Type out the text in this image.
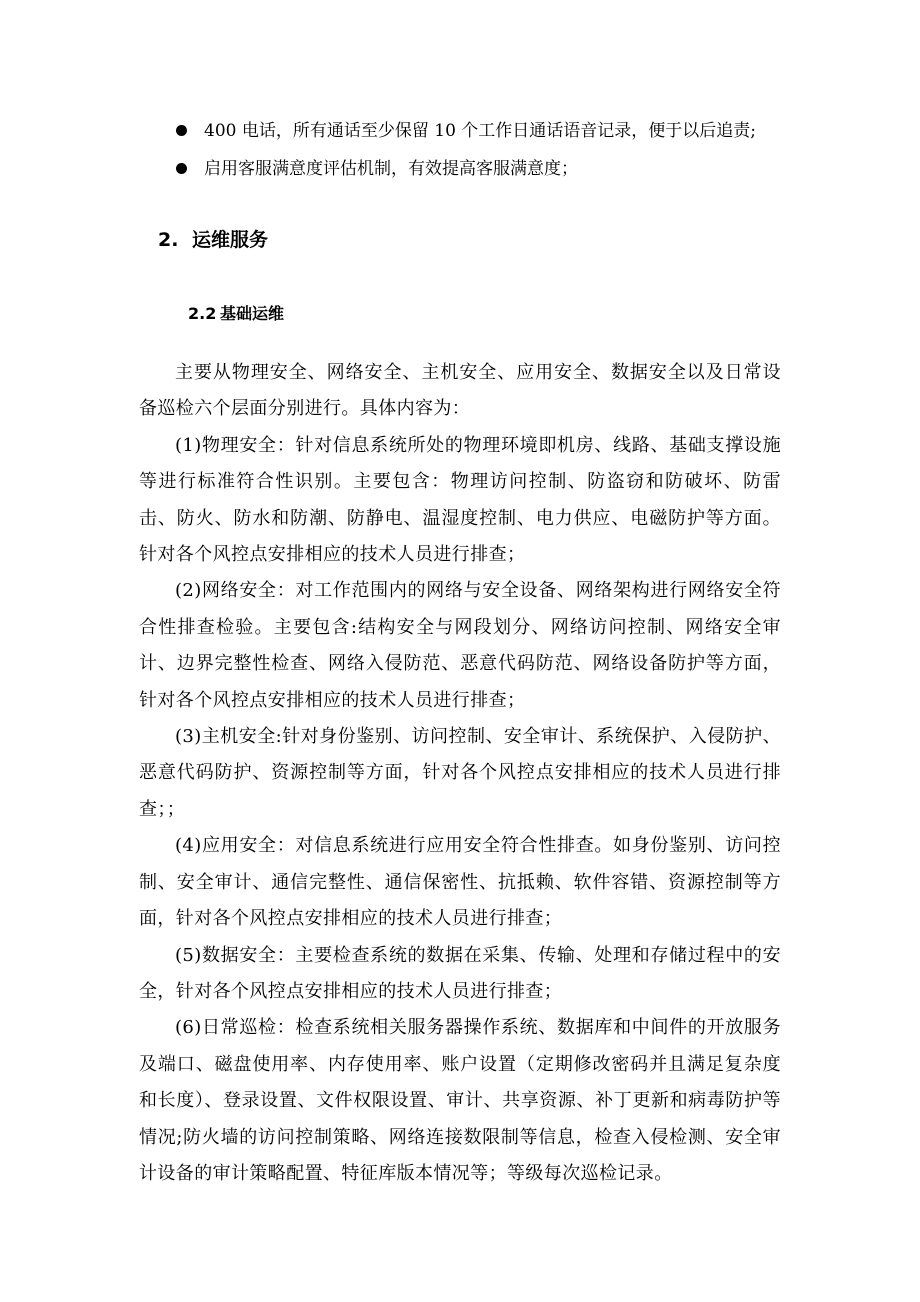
400 电话，所有通话至少保留 10 个工作日通话语音记录，便于以后追责;
启用客服满意度评估机制，有效提高客服满意度；
2. 运维服务
2.2 基础运维

主要从物理安全、网络安全、主机安全、应用安全、数据安全以及日常设备巡检六个层面分别进行。具体内容为：

(1)物理安全：针对信息系统所处的物理环境即机房、线路、基础支撑设施等进行标准符合性识别。主要包含：物理访问控制、防盗窃和防破坏、防雷击、防火、防水和防潮、防静电、温湿度控制、电力供应、电磁防护等方面。针对各个风控点安排相应的技术人员进行排查；

(2)网络安全：对工作范围内的网络与安全设备、网络架构进行网络安全符合性排查检验。主要包含:结构安全与网段划分、网络访问控制、网络安全审计、边界完整性检查、网络入侵防范、恶意代码防范、网络设备防护等方面，针对各个风控点安排相应的技术人员进行排查；

(3)主机安全:针对身份鉴别、访问控制、安全审计、系统保护、入侵防护、恶意代码防护、资源控制等方面，针对各个风控点安排相应的技术人员进行排查；；

(4)应用安全：对信息系统进行应用安全符合性排查。如身份鉴别、访问控制、安全审计、通信完整性、通信保密性、抗抵赖、软件容错、资源控制等方面，针对各个风控点安排相应的技术人员进行排查；

(5)数据安全：主要检查系统的数据在采集、传输、处理和存储过程中的安全，针对各个风控点安排相应的技术人员进行排查；

(6)日常巡检：检查系统相关服务器操作系统、数据库和中间件的开放服务及端口、磁盘使用率、内存使用率、账户设置（定期修改密码并且满足复杂度和长度）、登录设置、文件权限设置、审计、共享资源、补丁更新和病毒防护等情况;防火墙的访问控制策略、网络连接数限制等信息，检查入侵检测、安全审计设备的审计策略配置、特征库版本情况等；等级每次巡检记录。
